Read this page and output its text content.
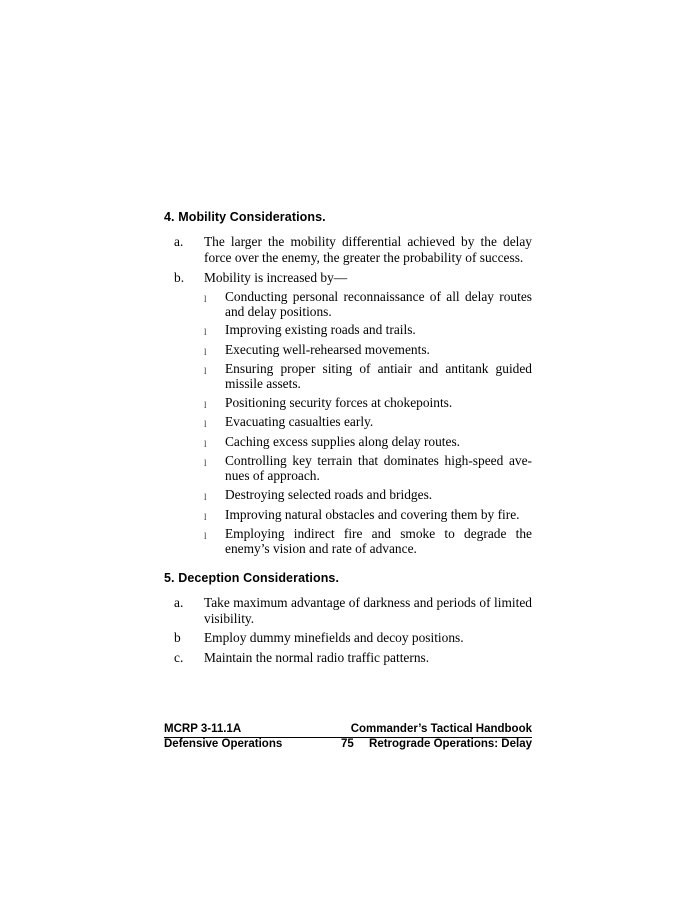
4. Mobility Considerations.
a. The larger the mobility differential achieved by the delay force over the enemy, the greater the probability of success.
b. Mobility is increased by—
l Conducting personal reconnaissance of all delay routes and delay positions.
l Improving existing roads and trails.
l Executing well-rehearsed movements.
l Ensuring proper siting of antiair and antitank guided missile assets.
l Positioning security forces at chokepoints.
l Evacuating casualties early.
l Caching excess supplies along delay routes.
l Controlling key terrain that dominates high-speed ave-nues of approach.
l Destroying selected roads and bridges.
l Improving natural obstacles and covering them by fire.
l Employing indirect fire and smoke to degrade the enemy’s vision and rate of advance.
5. Deception Considerations.
a. Take maximum advantage of darkness and periods of limited visibility.
b Employ dummy minefields and decoy positions.
c. Maintain the normal radio traffic patterns.
MCRP 3-11.1A	Commander’s Tactical Handbook
Defensive Operations	75 Retrograde Operations: Delay
